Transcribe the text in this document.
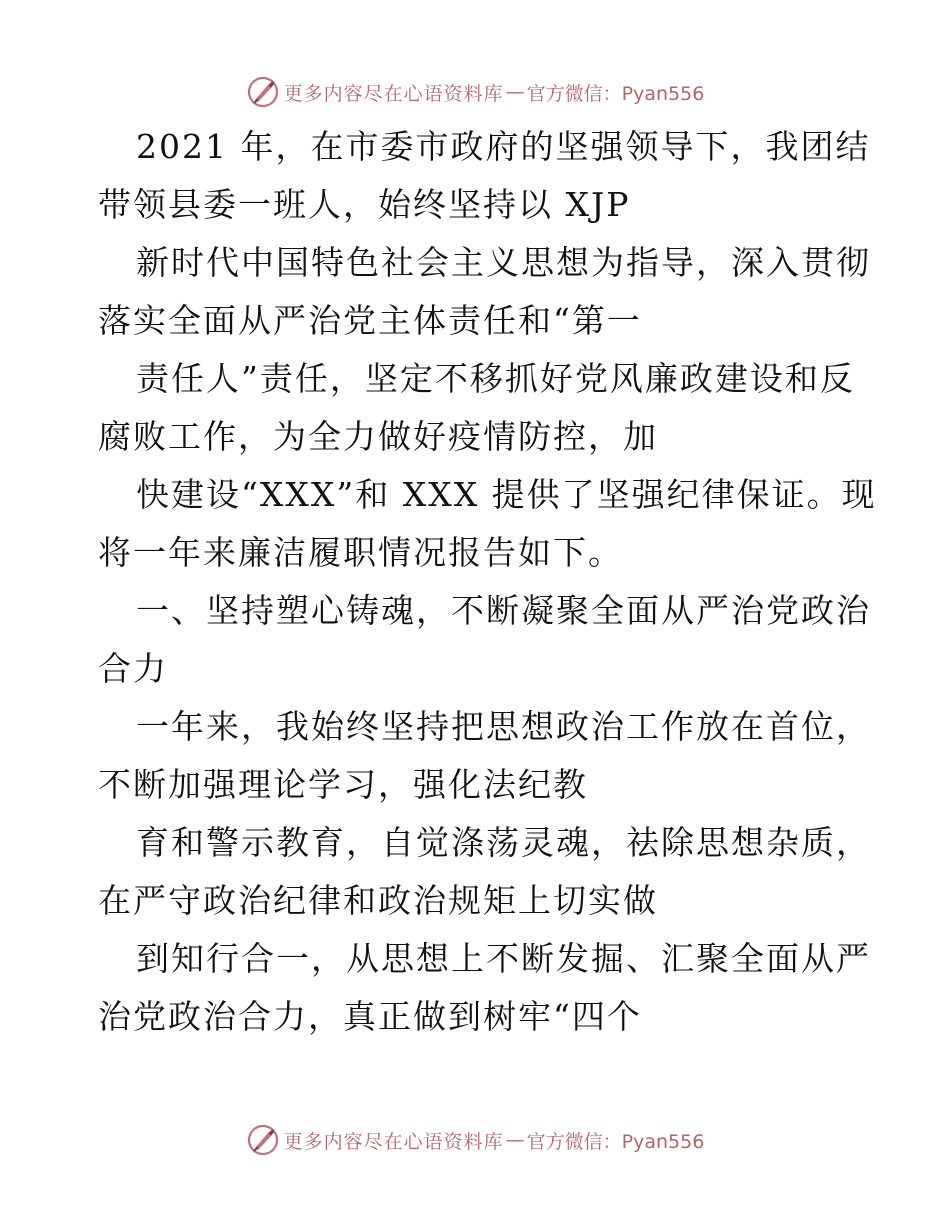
更多内容尽在心语资料库 — 官方微信：Pyan556
2021 年，在市委市政府的坚强领导下，我团结
带领县委一班人，始终坚持以 XJP
新时代中国特色社会主义思想为指导，深入贯彻
落实全面从严治党主体责任和“第一
责任人”责任，坚定不移抓好党风廉政建设和反
腐败工作，为全力做好疫情防控，加
快建设“XXX”和 XXX 提供了坚强纪律保证。现
将一年来廉洁履职情况报告如下。
一、坚持塑心铸魂，不断凝聚全面从严治党政治
合力
一年来，我始终坚持把思想政治工作放在首位，
不断加强理论学习，强化法纪教
育和警示教育，自觉涤荡灵魂，祛除思想杂质，
在严守政治纪律和政治规矩上切实做
到知行合一，从思想上不断发掘、汇聚全面从严
治党政治合力，真正做到树牢“四个
更多内容尽在心语资料库 — 官方微信：Pyan556
